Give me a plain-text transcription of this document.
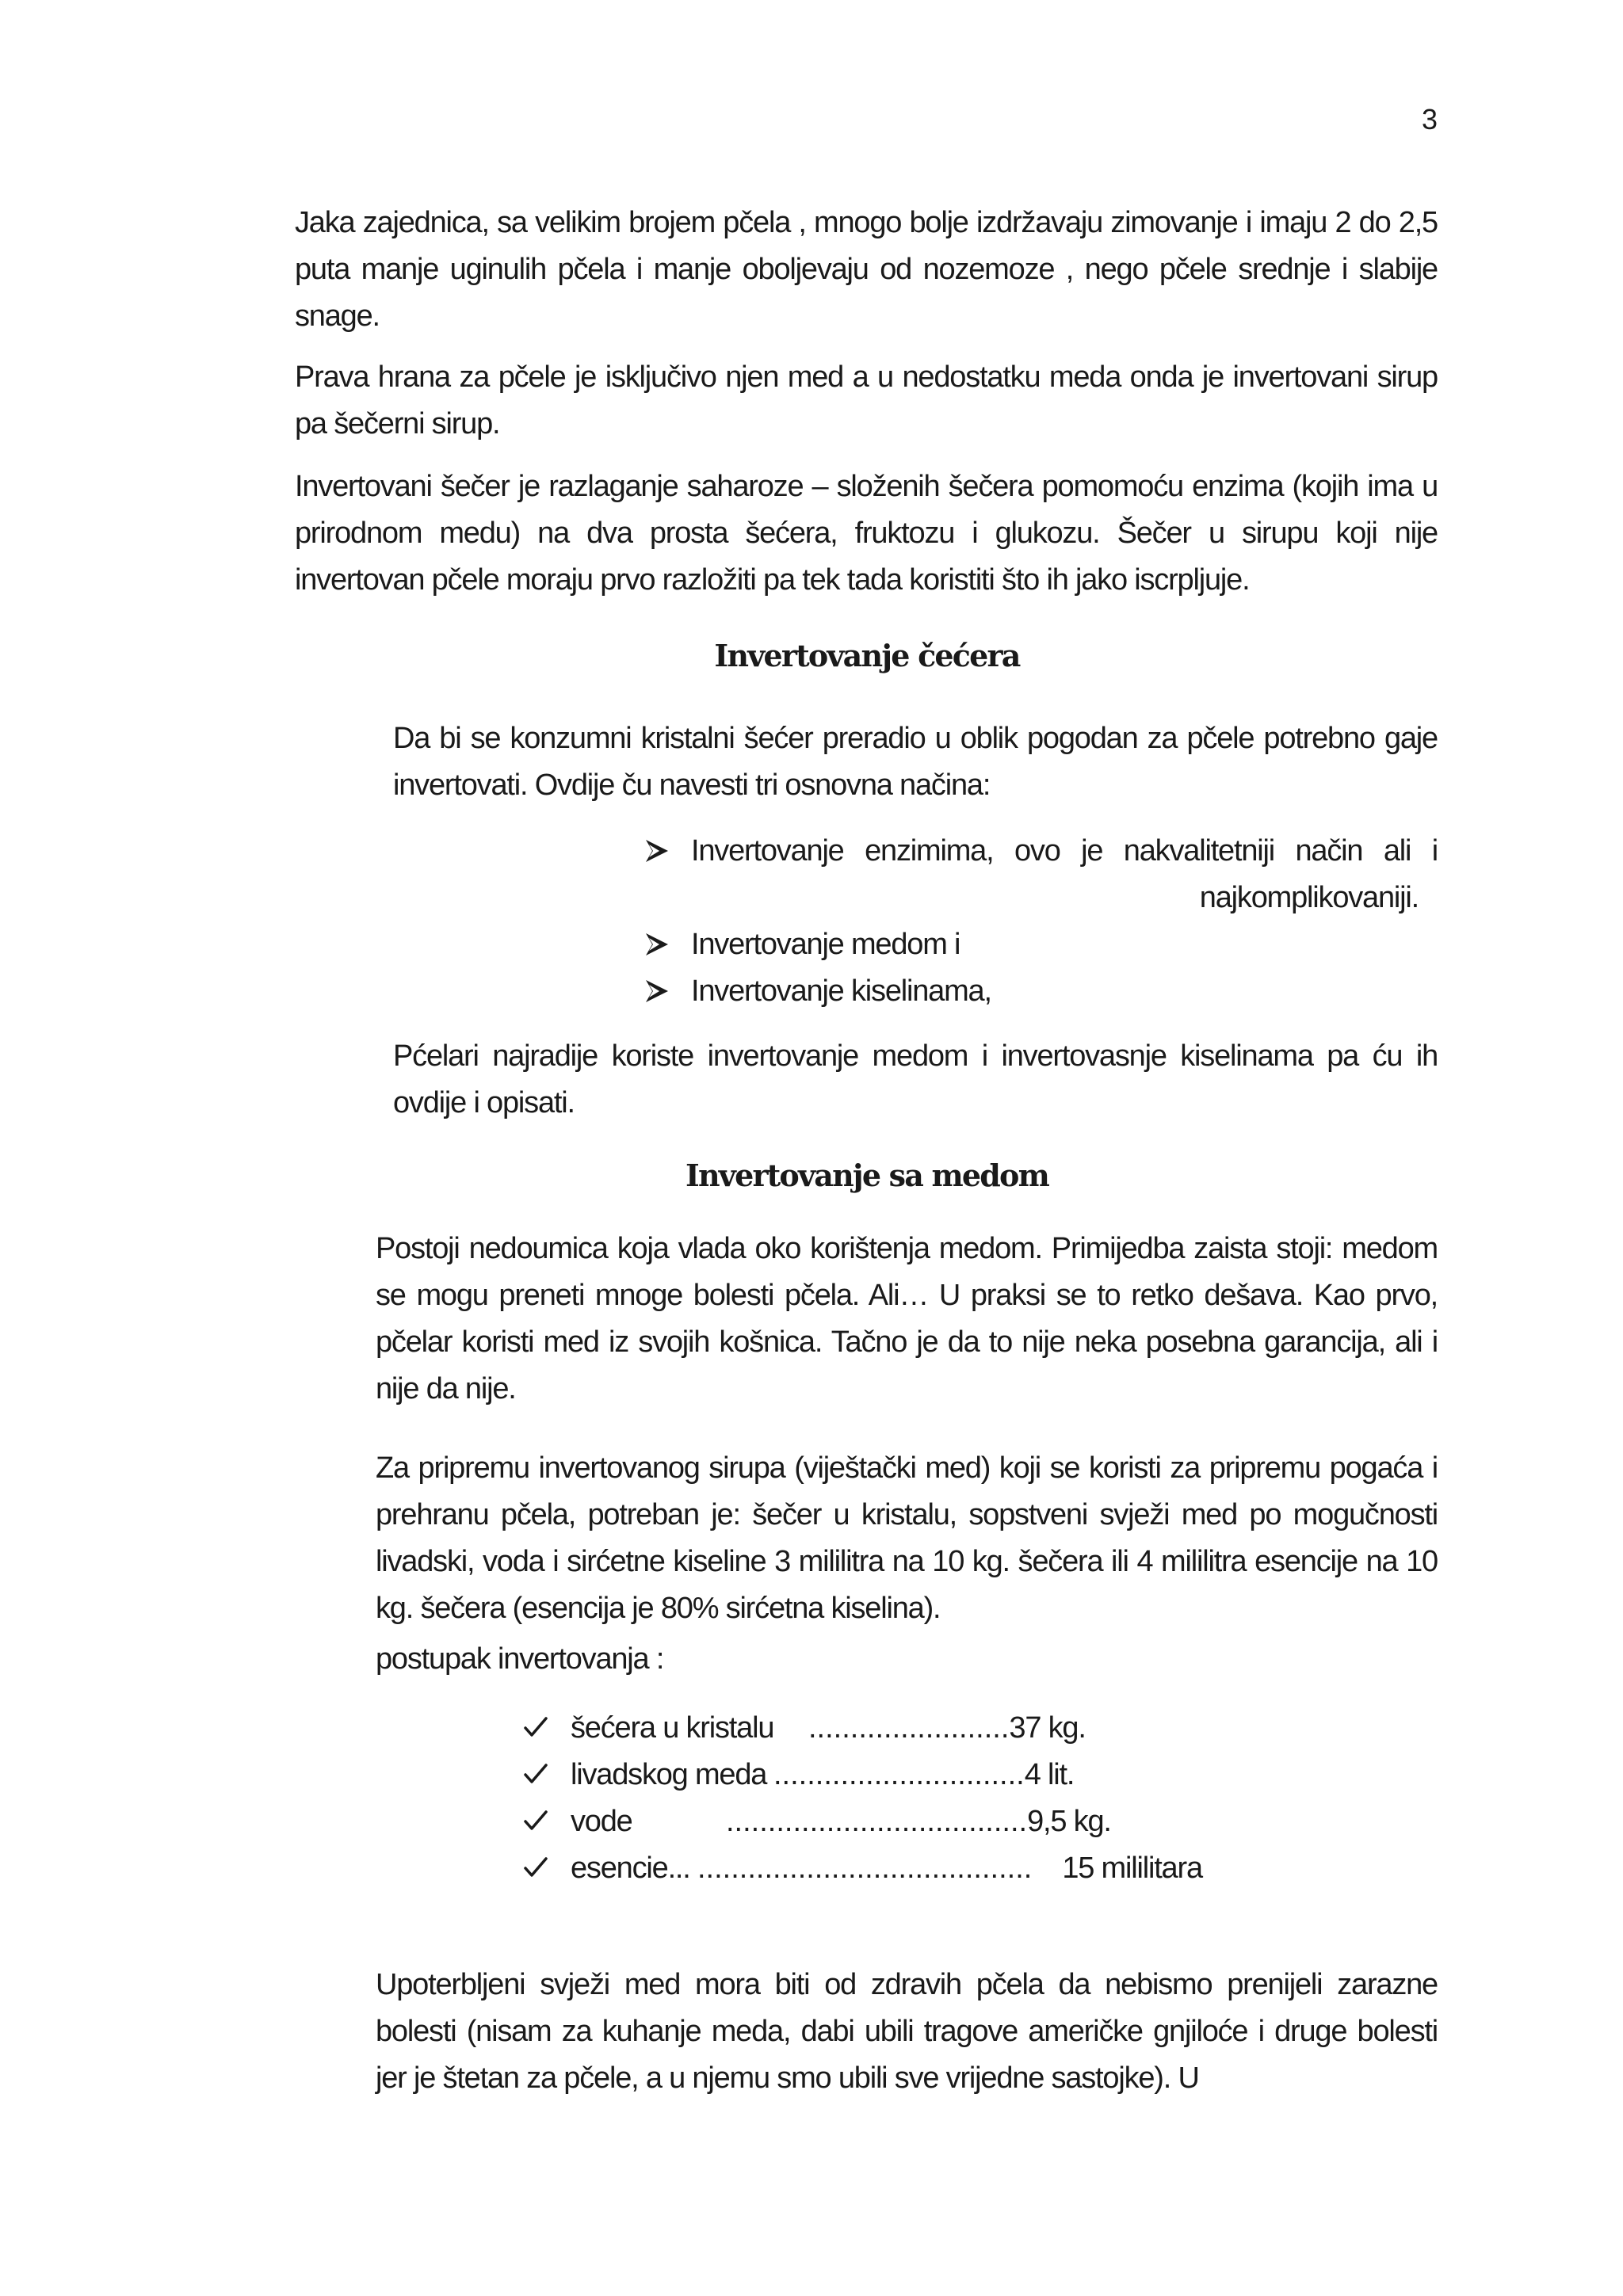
3

Jaka zajednica, sa velikim brojem pčela , mnogo bolje izdržavaju zimovanje i imaju 2 do 2,5 puta manje uginulih pčela i manje oboljevaju od nozemoze , nego pčele srednje i slabije snage.

Prava hrana za pčele je isključivo njen med a u nedostatku meda onda je invertovani sirup pa šečerni sirup.

Invertovani šečer je razlaganje saharoze – složenih šečera pomomoću enzima (kojih ima u prirodnom medu) na dva prosta šećera, fruktozu i glukozu. Šečer u sirupu koji nije invertovan pčele moraju prvo razložiti pa tek tada koristiti što ih jako iscrpljuje.

Invertovanje čećera

Da bi se konzumni kristalni šećer preradio u oblik pogodan za pčele potrebno gaje invertovati. Ovdije ču navesti tri osnovna načina:

Invertovanje enzimima, ovo je nakvalitetniji način ali i
najkomplikovaniji.
Invertovanje medom i
Invertovanje kiselinama,

Pćelari najradije koriste invertovanje medom i invertovasnje kiselinama pa ću ih ovdije i opisati.

Invertovanje sa medom

Postoji nedoumica koja vlada oko korištenja medom. Primijedba zaista stoji: medom se mogu preneti mnoge bolesti pčela. Ali… U praksi se to retko dešava. Kao prvo, pčelar koristi med iz svojih košnica. Tačno je da to nije neka posebna garancija, ali i nije da nije.

Za pripremu invertovanog sirupa (viještački med) koji se koristi za pripremu pogaća i prehranu pčela, potreban je: šečer u kristalu, sopstveni svježi med po mogučnosti livadski, voda i sirćetne kiseline 3 mililitra na 10 kg. šečera ili 4 mililitra esencije na 10 kg. šečera (esencija je 80% sirćetna kiselina).

postupak invertovanja :

šećera u kristalu ........................37 kg.
livadskog meda ..............................4 lit.
vode	....................................9,5 kg.
esencie... ........................................ 15 mililitara

Upoterbljeni svježi med mora biti od zdravih pčela da nebismo prenijeli zarazne bolesti (nisam za kuhanje meda, dabi ubili tragove američke gnjiloće i druge bolesti jer je štetan za pčele, a u njemu smo ubili sve vrijedne sastojke). U
